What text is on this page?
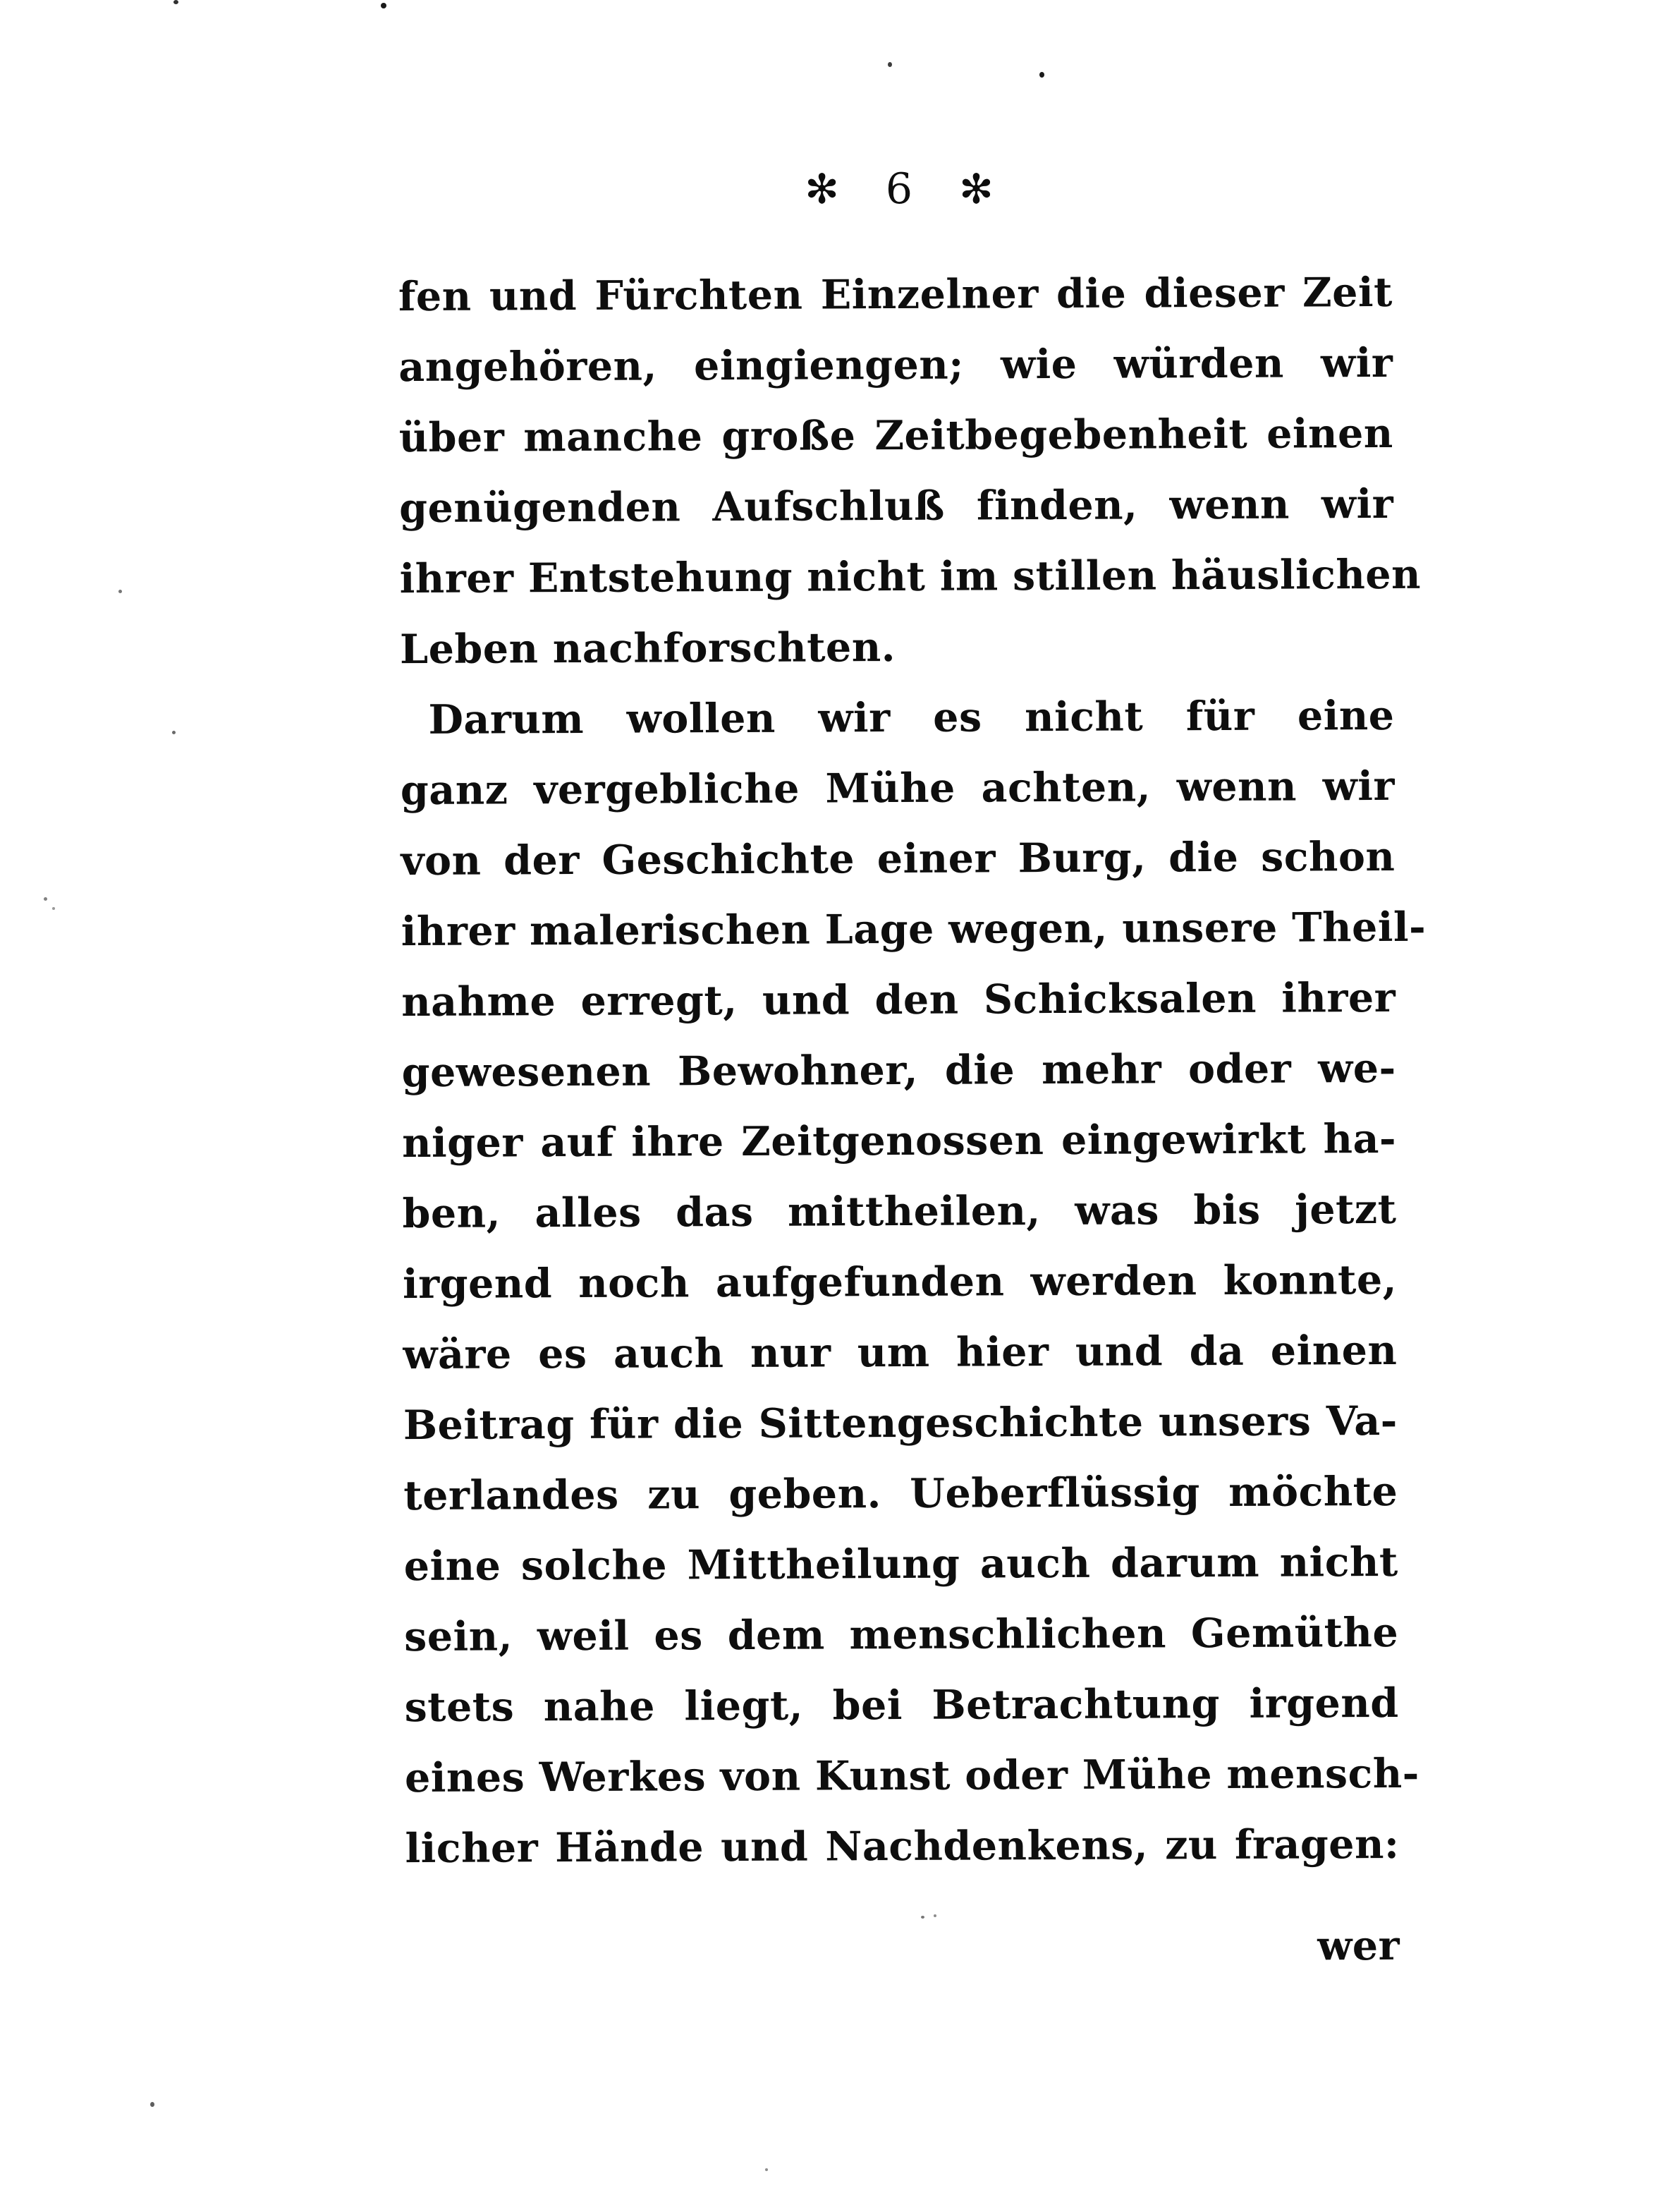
✻ 6 ✻

fen und Fürchten Einzelner die dieser Zeit

angehören, eingiengen; wie würden wir

über manche große Zeitbegebenheit einen

genügenden Aufschluß finden, wenn wir

ihrer Entstehung nicht im stillen häuslichen

Leben nachforschten.

Darum wollen wir es nicht für eine

ganz vergebliche Mühe achten, wenn wir

von der Geschichte einer Burg, die schon

ihrer malerischen Lage wegen, unsere Theil-

nahme erregt, und den Schicksalen ihrer

gewesenen Bewohner, die mehr oder we-

niger auf ihre Zeitgenossen eingewirkt ha-

ben, alles das mittheilen, was bis jetzt

irgend noch aufgefunden werden konnte,

wäre es auch nur um hier und da einen

Beitrag für die Sittengeschichte unsers Va-

terlandes zu geben. Ueberflüssig möchte

eine solche Mittheilung auch darum nicht

sein, weil es dem menschlichen Gemüthe

stets nahe liegt, bei Betrachtung irgend

eines Werkes von Kunst oder Mühe mensch-

licher Hände und Nachdenkens, zu fragen:

wer
